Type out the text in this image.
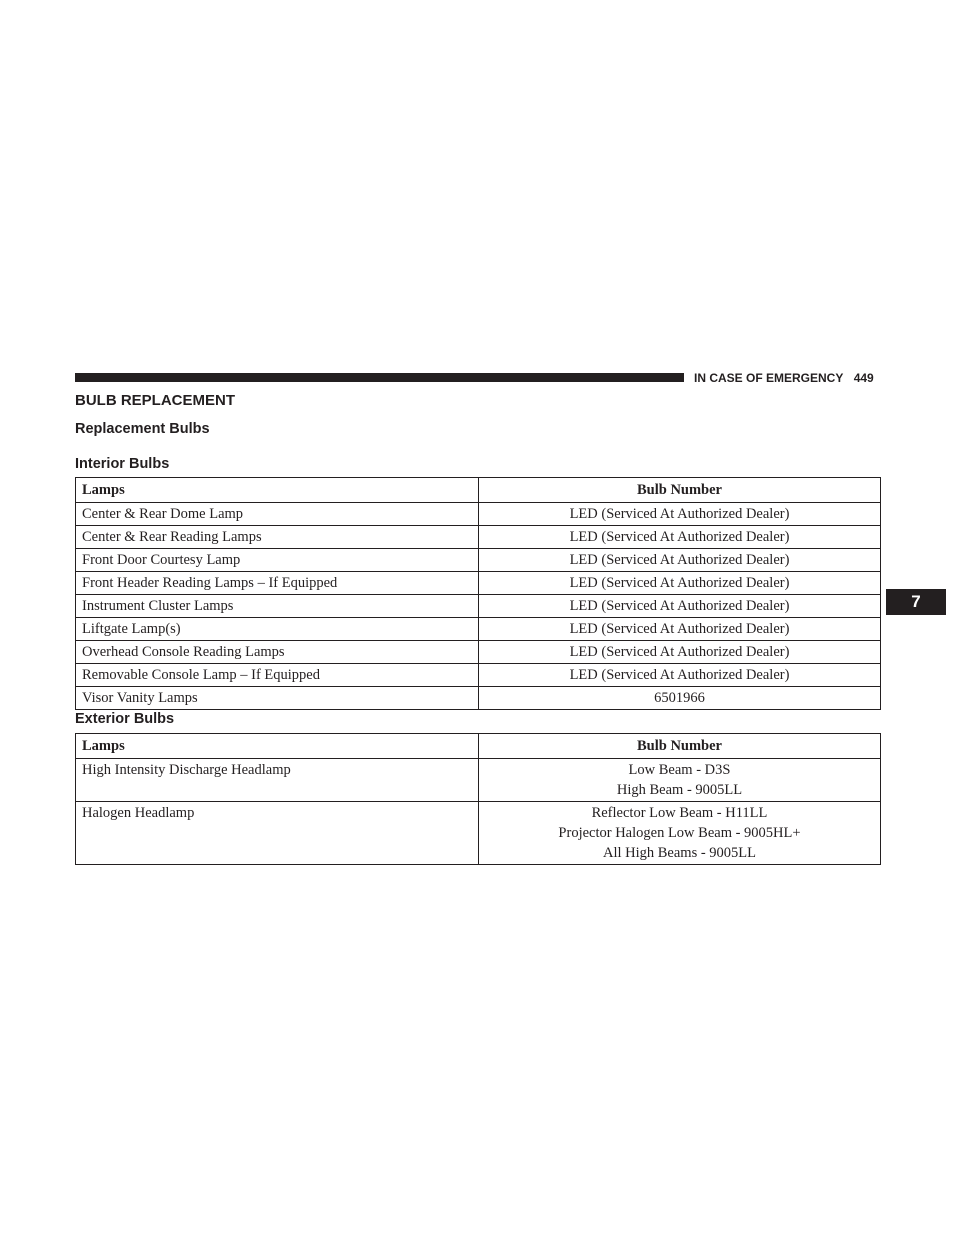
IN CASE OF EMERGENCY 449
7
BULB REPLACEMENT
Replacement Bulbs
Interior Bulbs
Lamps	Bulb Number
Center & Rear Dome Lamp	LED (Serviced At Authorized Dealer)
Center & Rear Reading Lamps	LED (Serviced At Authorized Dealer)
Front Door Courtesy Lamp	LED (Serviced At Authorized Dealer)
Front Header Reading Lamps – If Equipped	LED (Serviced At Authorized Dealer)
Instrument Cluster Lamps	LED (Serviced At Authorized Dealer)
Liftgate Lamp(s)	LED (Serviced At Authorized Dealer)
Overhead Console Reading Lamps	LED (Serviced At Authorized Dealer)
Removable Console Lamp – If Equipped	LED (Serviced At Authorized Dealer)
Visor Vanity Lamps	6501966
Exterior Bulbs
Lamps	Bulb Number
High Intensity Discharge Headlamp	Low Beam - D3S
High Beam - 9005LL

Halogen Headlamp	Reflector Low Beam - H11LL
Projector Halogen Low Beam - 9005HL+
All High Beams - 9005LL
